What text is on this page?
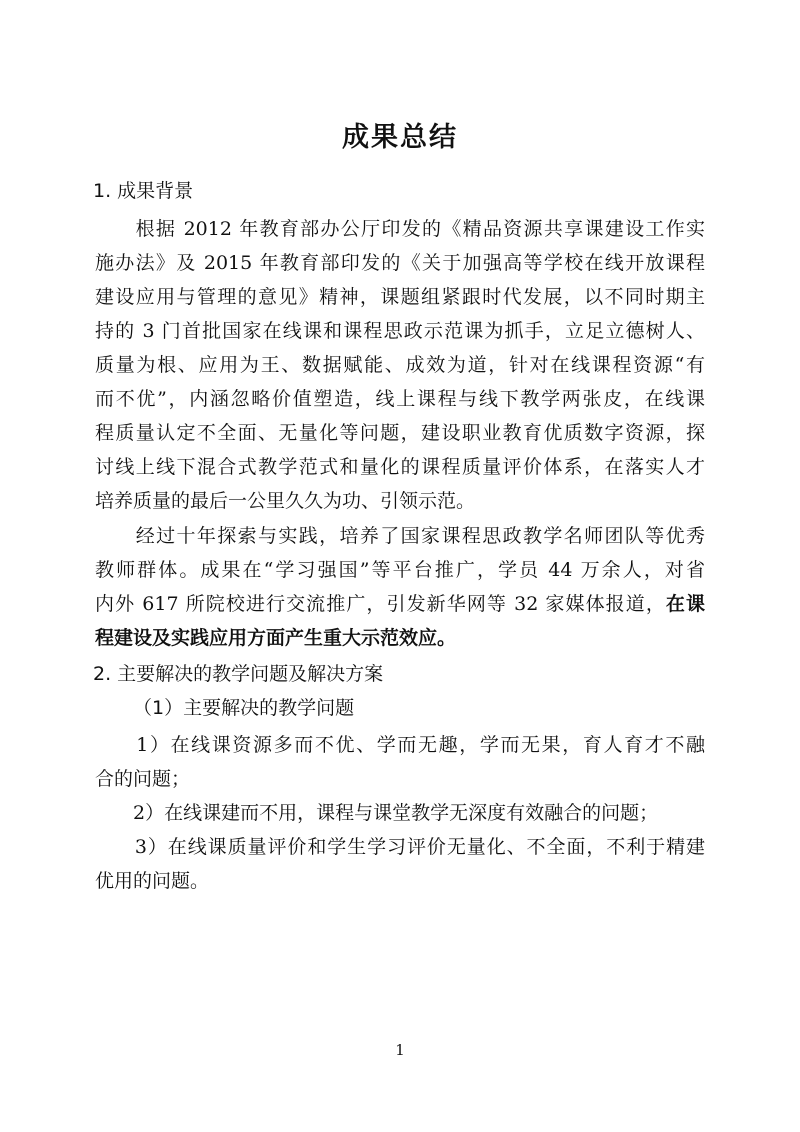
成果总结
1. 成果背景
　　根据 2012 年教育部办公厅印发的《精品资源共享课建设工作实
施办法》及 2015 年教育部印发的《关于加强高等学校在线开放课程
建设应用与管理的意见》精神，课题组紧跟时代发展，以不同时期主
持的 3 门首批国家在线课和课程思政示范课为抓手，立足立德树人、
质量为根、应用为王、数据赋能、成效为道，针对在线课程资源“有
而不优”，内涵忽略价值塑造，线上课程与线下教学两张皮，在线课
程质量认定不全面、无量化等问题，建设职业教育优质数字资源，探
讨线上线下混合式教学范式和量化的课程质量评价体系，在落实人才
培养质量的最后一公里久久为功、引领示范。
　　经过十年探索与实践，培养了国家课程思政教学名师团队等优秀
教师群体。成果在“学习强国”等平台推广，学员 44 万余人，对省
内外 617 所院校进行交流推广，引发新华网等 32 家媒体报道，在课
程建设及实践应用方面产生重大示范效应。
2. 主要解决的教学问题及解决方案
（1）主要解决的教学问题
　　1）在线课资源多而不优、学而无趣，学而无果，育人育才不融
合的问题；
　　2）在线课建而不用，课程与课堂教学无深度有效融合的问题；
　　3）在线课质量评价和学生学习评价无量化、不全面，不利于精建
优用的问题。
1
